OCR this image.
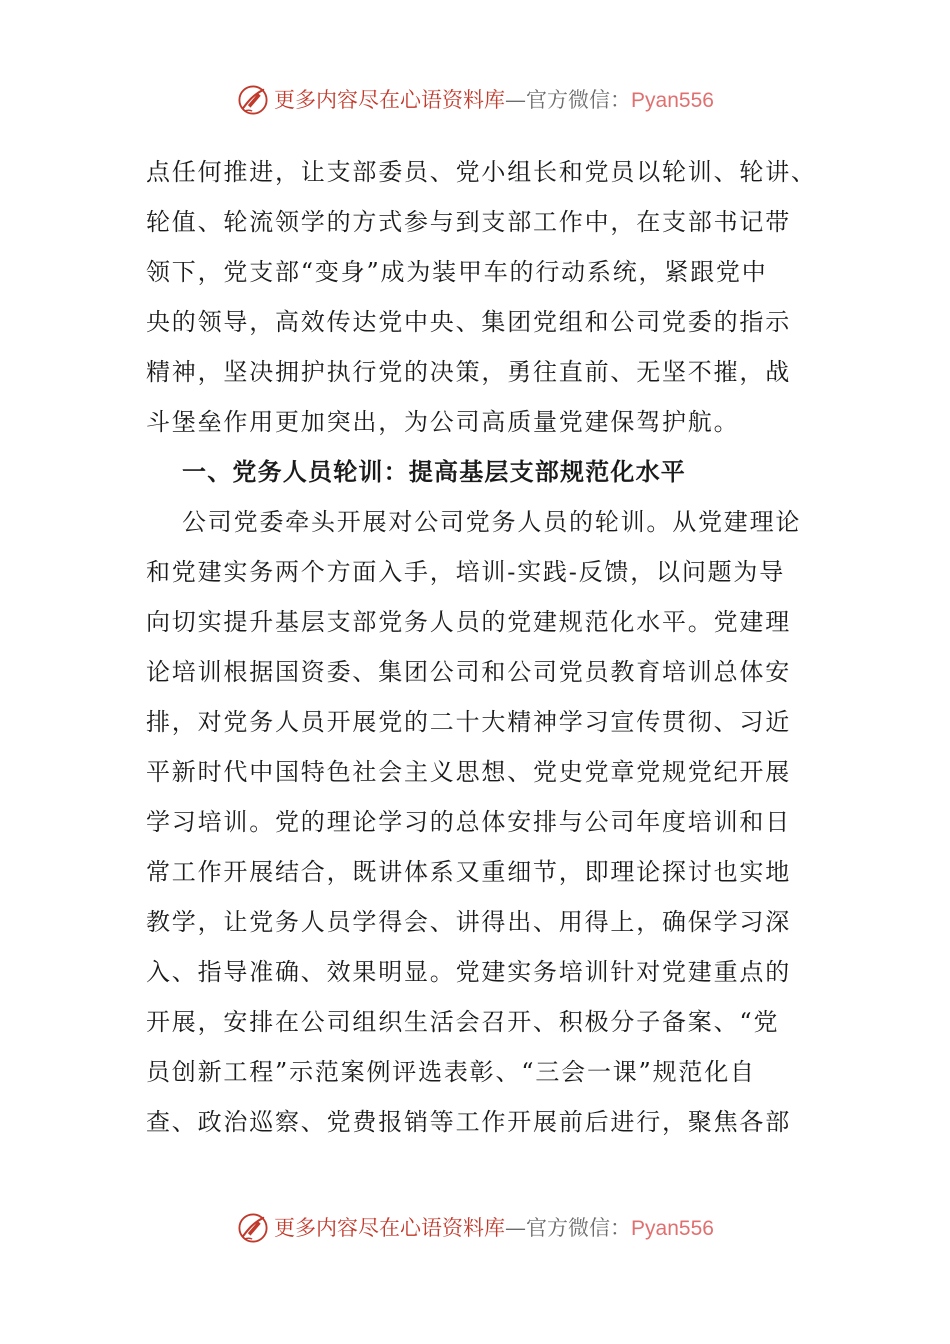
更多内容尽在心语资料库—官方微信：Pyan556
点任何推进，让支部委员、党小组长和党员以轮训、轮讲、
轮值、轮流领学的方式参与到支部工作中，在支部书记带
领下，党支部“变身”成为装甲车的行动系统，紧跟党中
央的领导，高效传达党中央、集团党组和公司党委的指示
精神，坚决拥护执行党的决策，勇往直前、无坚不摧，战
斗堡垒作用更加突出，为公司高质量党建保驾护航。
一、党务人员轮训：提高基层支部规范化水平
公司党委牵头开展对公司党务人员的轮训。从党建理论
和党建实务两个方面入手，培训-实践-反馈，以问题为导
向切实提升基层支部党务人员的党建规范化水平。党建理
论培训根据国资委、集团公司和公司党员教育培训总体安
排，对党务人员开展党的二十大精神学习宣传贯彻、习近
平新时代中国特色社会主义思想、党史党章党规党纪开展
学习培训。党的理论学习的总体安排与公司年度培训和日
常工作开展结合，既讲体系又重细节，即理论探讨也实地
教学，让党务人员学得会、讲得出、用得上，确保学习深
入、指导准确、效果明显。党建实务培训针对党建重点的
开展，安排在公司组织生活会召开、积极分子备案、“党
员创新工程”示范案例评选表彰、“三会一课”规范化自
查、政治巡察、党费报销等工作开展前后进行，聚焦各部
更多内容尽在心语资料库—官方微信：Pyan556
